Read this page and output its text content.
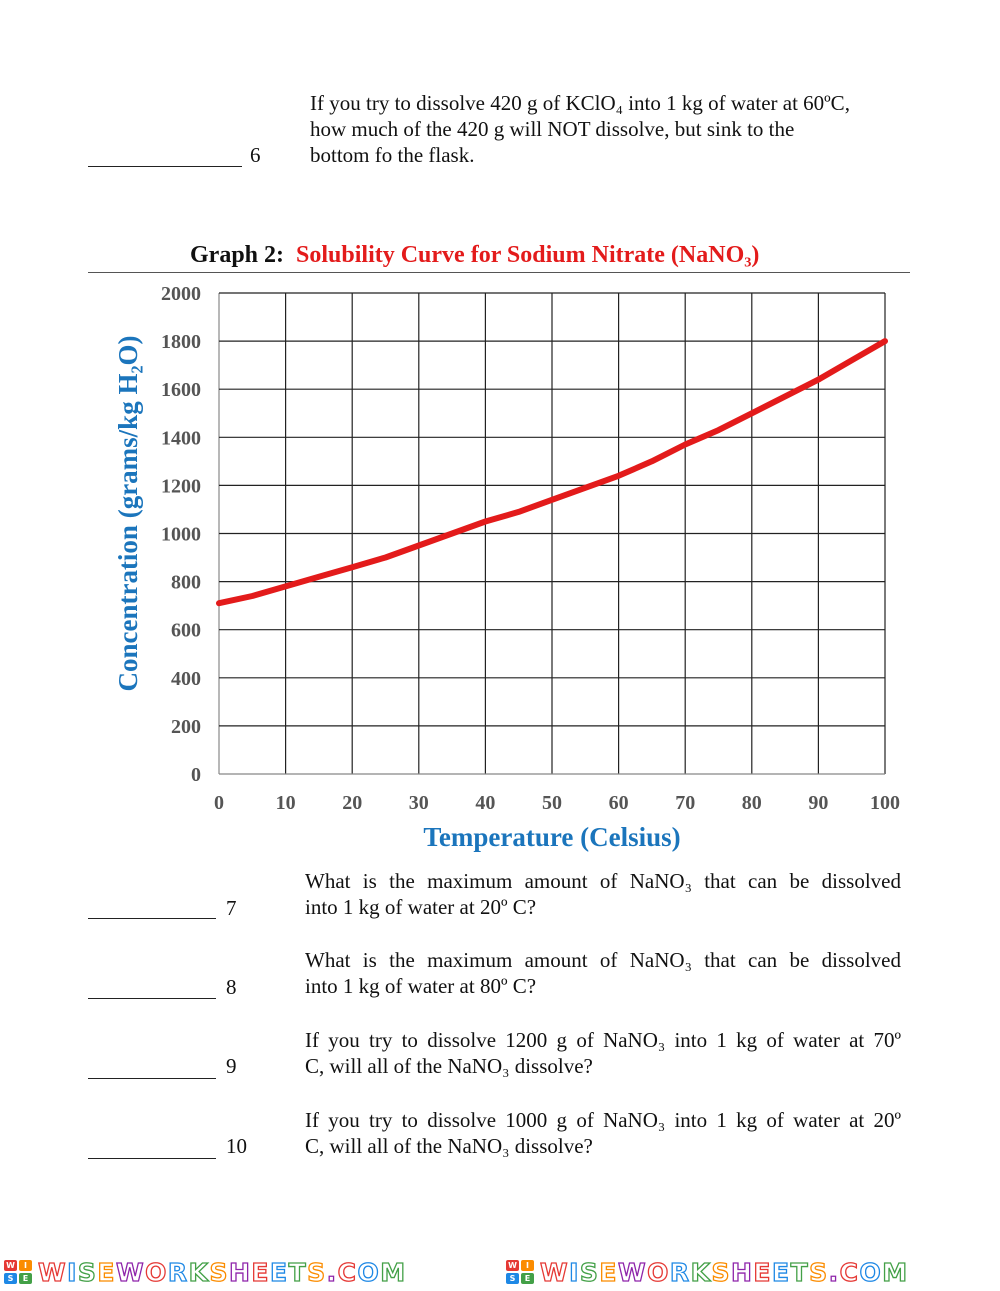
6
If you try to dissolve 420 g of KClO₄ into 1 kg of water at 60ºC,
how much of the 420 g will NOT dissolve, but sink to the
bottom fo the flask.
Graph 2: Solubility Curve for Sodium Nitrate (NaNO₃)
0
200
400
600
800
1000
1200
1400
1600
1800
2000
0	10 20 30 40 50 60 70 80 90 100
Temperature (Celsius)
Concentration (grams/kg H₂O)
7
What is the maximum amount of NaNO₃ that can be dissolved
into 1 kg of water at 20º C?
8
What is the maximum amount of NaNO₃ that can be dissolved
into 1 kg of water at 80º C?
9
If you try to dissolve 1200 g of NaNO₃ into 1 kg of water at 70º
C, will all of the NaNO₃ dissolve?
10
If you try to dissolve 1000 g of NaNO₃ into 1 kg of water at 20º
C, will all of the NaNO₃ dissolve?
W	I
S	E WISEWORKSHEETS.COM	W	I
S	E WISEWORKSHEETS.COM
